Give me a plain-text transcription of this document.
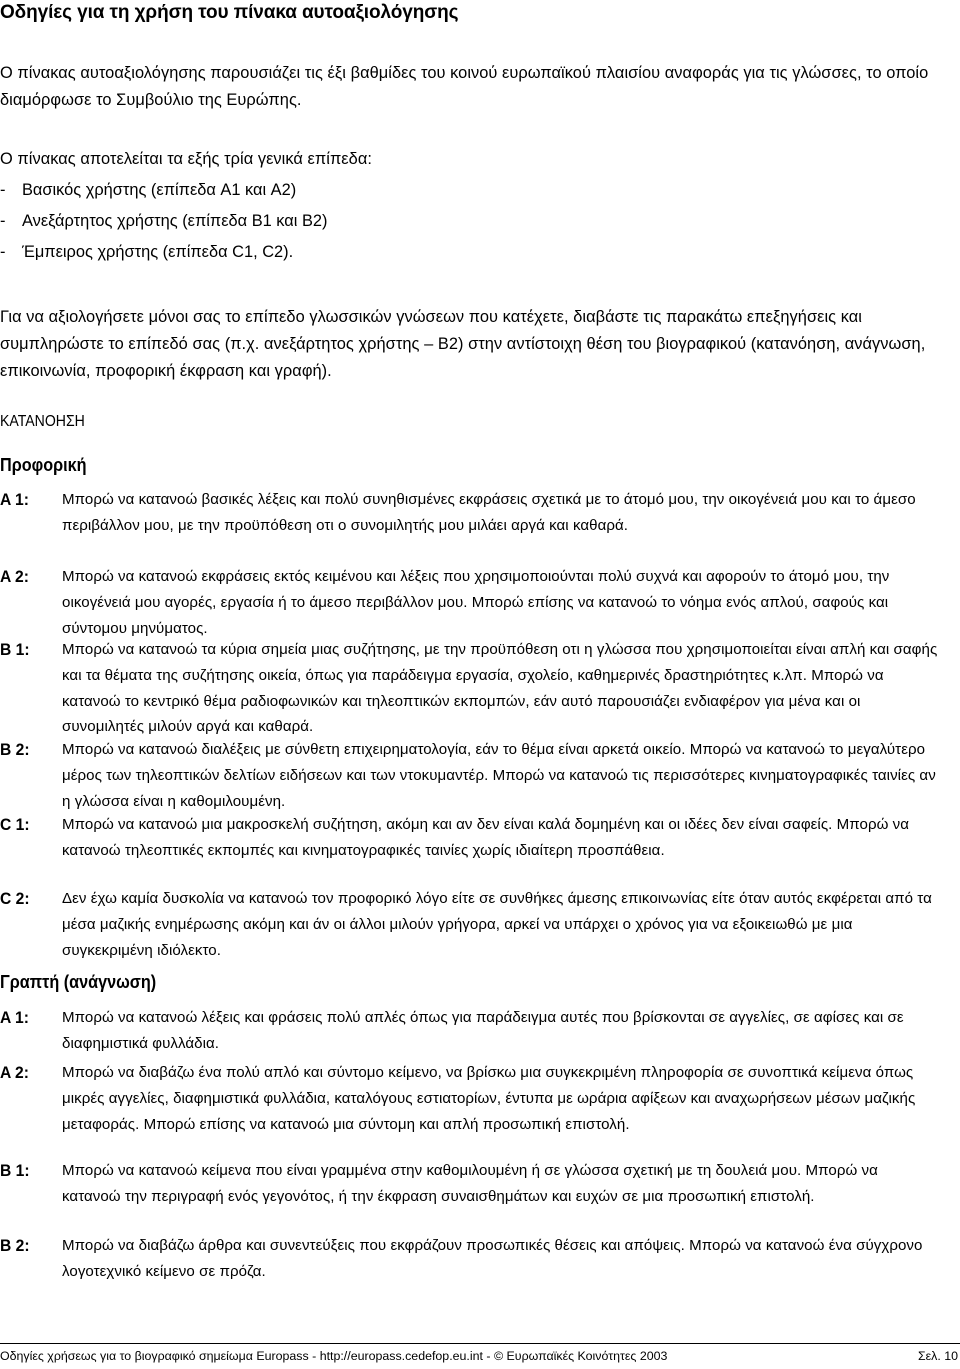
Οδηγίες για τη χρήση του πίνακα αυτοαξιολόγησης
Ο πίνακας αυτοαξιολόγησης παρουσιάζει τις έξι βαθμίδες του κοινού ευρωπαϊκού πλαισίου αναφοράς για τις γλώσσες, το οποίο διαμόρφωσε το Συμβούλιο της Ευρώπης.
Ο πίνακας αποτελείται τα εξής τρία γενικά επίπεδα:
- Βασικός χρήστης (επίπεδα A1 και A2)
- Ανεξάρτητος χρήστης (επίπεδα B1 και B2)
- Έμπειρος χρήστης (επίπεδα C1, C2).
Για να αξιολογήσετε μόνοι σας το επίπεδο γλωσσικών γνώσεων που κατέχετε, διαβάστε τις παρακάτω επεξηγήσεις και συμπληρώστε το επίπεδό σας (π.χ. ανεξάρτητος χρήστης – B2) στην αντίστοιχη θέση του βιογραφικού (κατανόηση, ανάγνωση, επικοινωνία, προφορική έκφραση και γραφή).
ΚΑΤΑΝΟΗΣΗ
Προφορική
A 1: Μπορώ να κατανοώ βασικές λέξεις και πολύ συνηθισμένες εκφράσεις σχετικά με το άτομό μου, την οικογένειά μου και το άμεσο περιβάλλον μου, με την προϋπόθεση οτι ο συνομιλητής μου μιλάει αργά και καθαρά.
A 2: Μπορώ να κατανοώ εκφράσεις εκτός κειμένου και λέξεις που χρησιμοποιούνται πολύ συχνά και αφορούν το άτομό μου, την οικογένειά μου αγορές, εργασία ή το άμεσο περιβάλλον μου. Μπορώ επίσης να κατανοώ το νόημα ενός απλού, σαφούς και σύντομου μηνύματος.
B 1: Μπορώ να κατανοώ τα κύρια σημεία μιας συζήτησης, με την προϋπόθεση οτι η γλώσσα που χρησιμοποιείται είναι απλή και σαφής και τα θέματα της συζήτησης οικεία, όπως για παράδειγμα εργασία, σχολείο, καθημερινές δραστηριότητες κ.λπ. Μπορώ να κατανοώ το κεντρικό θέμα ραδιοφωνικών και τηλεοπτικών εκπομπών, εάν αυτό παρουσιάζει ενδιαφέρον για μένα και οι συνομιλητές μιλούν αργά και καθαρά.
B 2: Μπορώ να κατανοώ διαλέξεις με σύνθετη επιχειρηματολογία, εάν το θέμα είναι αρκετά οικείο. Μπορώ να κατανοώ το μεγαλύτερο μέρος των τηλεοπτικών δελτίων ειδήσεων και των ντοκυμαντέρ. Μπορώ να κατανοώ τις περισσότερες κινηματογραφικές ταινίες αν η γλώσσα είναι η καθομιλουμένη.
C 1: Μπορώ να κατανοώ μια μακροσκελή συζήτηση, ακόμη και αν δεν είναι καλά δομημένη και οι ιδέες δεν είναι σαφείς. Μπορώ να κατανοώ τηλεοπτικές εκπομπές και κινηματογραφικές ταινίες χωρίς ιδιαίτερη προσπάθεια.
C 2: Δεν έχω καμία δυσκολία να κατανοώ τον προφορικό λόγο είτε σε συνθήκες άμεσης επικοινωνίας είτε όταν αυτός εκφέρεται από τα μέσα μαζικής ενημέρωσης ακόμη και άν οι άλλοι μιλούν γρήγορα, αρκεί να υπάρχει ο χρόνος για να εξοικειωθώ με μια συγκεκριμένη ιδιόλεκτο.
Γραπτή (ανάγνωση)
A 1: Μπορώ να κατανοώ λέξεις και φράσεις πολύ απλές όπως για παράδειγμα αυτές που βρίσκονται σε αγγελίες, σε αφίσες και σε διαφημιστικά φυλλάδια.
A 2: Μπορώ να διαβάζω ένα πολύ απλό και σύντομο κείμενο, να βρίσκω μια συγκεκριμένη πληροφορία σε συνοπτικά κείμενα όπως μικρές αγγελίες, διαφημιστικά φυλλάδια, καταλόγους εστιατορίων, έντυπα με ωράρια αφίξεων και αναχωρήσεων μέσων μαζικής μεταφοράς. Μπορώ επίσης να κατανοώ μια σύντομη και απλή προσωπική επιστολή.
B 1: Μπορώ να κατανοώ κείμενα που είναι γραμμένα στην καθομιλουμένη ή σε γλώσσα σχετική με τη δουλειά μου. Μπορώ να κατανοώ την περιγραφή ενός γεγονότος, ή την έκφραση συναισθημάτων και ευχών σε μια προσωπική επιστολή.
B 2: Μπορώ να διαβάζω άρθρα και συνεντεύξεις που εκφράζουν προσωπικές θέσεις και απόψεις. Μπορώ να κατανοώ ένα σύγχρονο λογοτεχνικό κείμενο σε πρόζα.
Οδηγίες χρήσεως για το βιογραφικό σημείωμα Europass - http://europass.cedefop.eu.int - © Ευρωπαϊκές Κοινότητες 2003	Σελ. 10
